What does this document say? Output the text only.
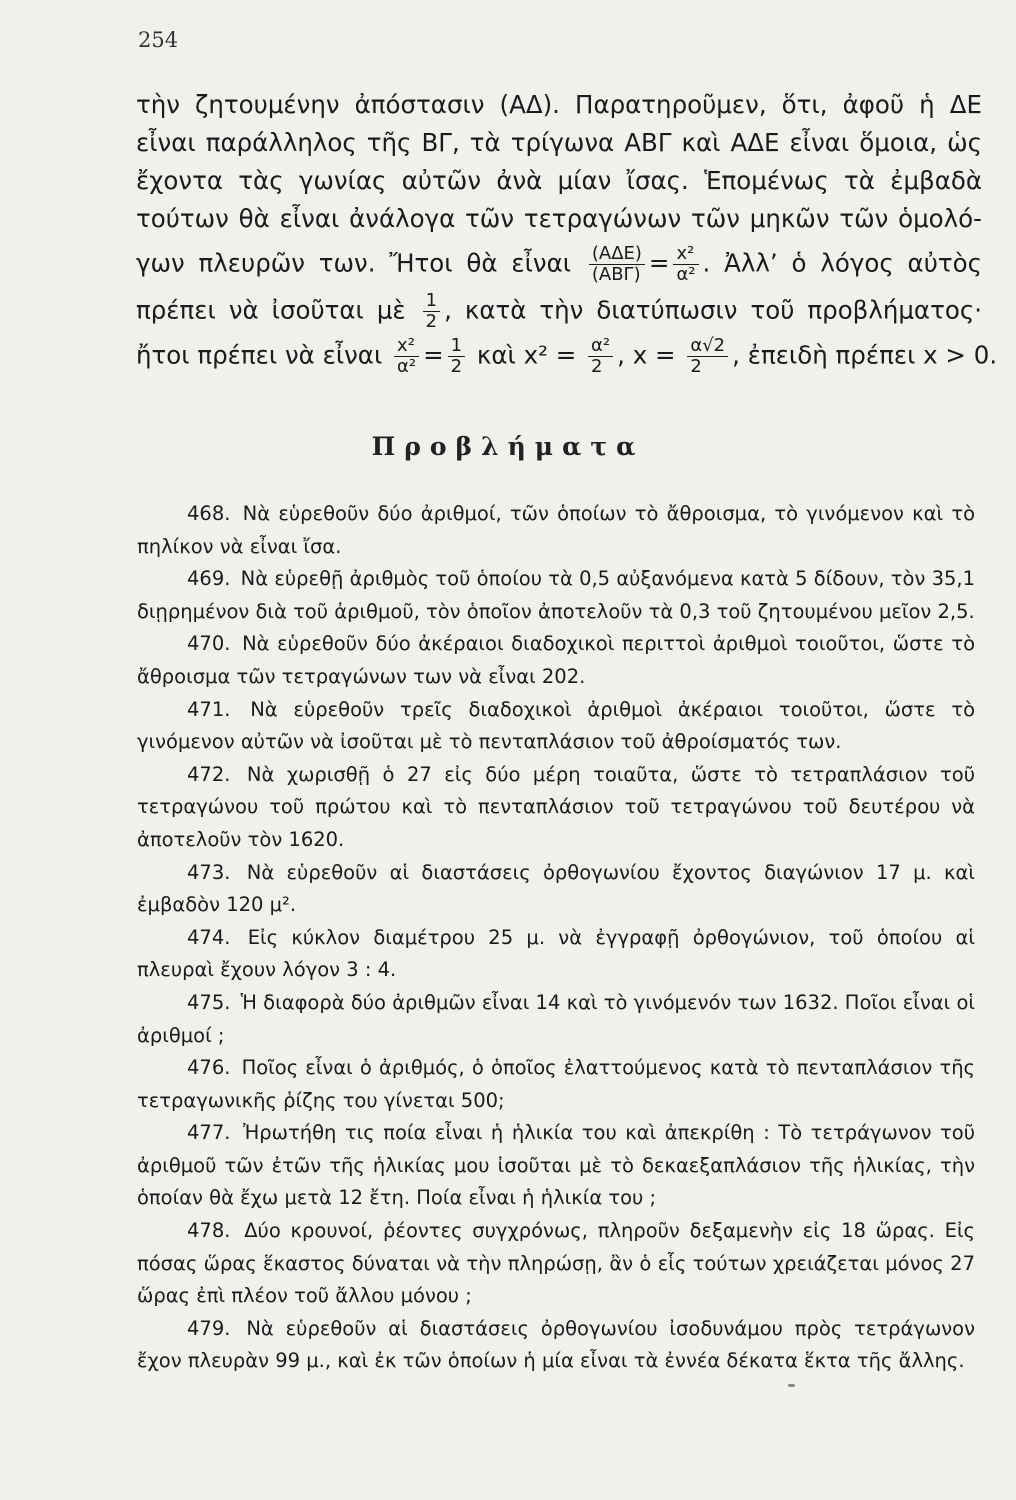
254
τὴν ζητουμένην ἀπόστασιν (ΑΔ). Παρατηροῦμεν, ὅτι, ἀφοῦ ἡ ΔΕ
εἶναι παράλληλος τῆς ΒΓ, τὰ τρίγωνα ΑΒΓ καὶ ΑΔΕ εἶναι ὅμοια, ὡς
ἔχοντα τὰς γωνίας αὐτῶν ἀνὰ μίαν ἴσας. Ἑπομένως τὰ ἐμβαδὰ
τούτων θὰ εἶναι ἀνάλογα τῶν τετραγώνων τῶν μηκῶν τῶν ὁμολό-
γων πλευρῶν των. Ἤτοι θὰ εἶναι $\frac{\text{(ΑΔΕ)}}{\text{(ΑΒΓ)}} = \frac{\text{x²}}{\text{α²}}$ . Ἀλλ’ ὁ λόγος αὐτὸς
πρέπει νὰ ἰσοῦται μὲ $\frac{1}{2}$ , κατὰ τὴν διατύπωσιν τοῦ προβλήματος·
ἤτοι πρέπει νὰ εἶναι $\frac{\text{x²}}{\text{α²}} = \frac{1}{2}$ καὶ $x^2 = \frac{\text{α²}}{2}$ , $x = \frac{\alpha√2}{2}$ , ἐπειδὴ πρέπει x > 0.
Προβλήματα

468. Νὰ εὑρεθοῦν δύο ἀριθμοί, τῶν ὁποίων τὸ ἄθροισμα, τὸ γινόμενον καὶ τὸ πηλίκον νὰ εἶναι ἴσα.

469. Νὰ εὑρεθῇ ἀριθμὸς τοῦ ὁποίου τὰ 0,5 αὐξανόμενα κατὰ 5 δίδουν, τὸν 35,1 διῃρημένον διὰ τοῦ ἀριθμοῦ, τὸν ὁποῖον ἀποτελοῦν τὰ 0,3 τοῦ ζητουμένου μεῖον 2,5.

470. Νὰ εὑρεθοῦν δύο ἀκέραιοι διαδοχικοὶ περιττοὶ ἀριθμοὶ τοιοῦτοι, ὥστε τὸ ἄθροισμα τῶν τετραγώνων των νὰ εἶναι 202.

471. Νὰ εὑρεθοῦν τρεῖς διαδοχικοὶ ἀριθμοὶ ἀκέραιοι τοιοῦτοι, ὥστε τὸ γινόμενον αὐτῶν νὰ ἰσοῦται μὲ τὸ πενταπλάσιον τοῦ ἀθροίσματός των.

472. Νὰ χωρισθῇ ὁ 27 εἰς δύο μέρη τοιαῦτα, ὥστε τὸ τετραπλάσιον τοῦ τετραγώνου τοῦ πρώτου καὶ τὸ πενταπλάσιον τοῦ τετραγώνου τοῦ δευτέρου νὰ ἀποτελοῦν τὸν 1620.

473. Νὰ εὑρεθοῦν αἱ διαστάσεις ὀρθογωνίου ἔχοντος διαγώνιον 17 μ. καὶ ἐμβαδὸν 120 μ².

474. Εἰς κύκλον διαμέτρου 25 μ. νὰ ἐγγραφῇ ὀρθογώνιον, τοῦ ὁποίου αἱ πλευραὶ ἔχουν λόγον 3 : 4.

475. Ἡ διαφορὰ δύο ἀριθμῶν εἶναι 14 καὶ τὸ γινόμενόν των 1632. Ποῖοι εἶναι οἱ ἀριθμοί ;

476. Ποῖος εἶναι ὁ ἀριθμός, ὁ ὁποῖος ἐλαττούμενος κατὰ τὸ πενταπλάσιον τῆς τετραγωνικῆς ῥίζης του γίνεται 500;

477. Ἠρωτήθη τις ποία εἶναι ἡ ἡλικία του καὶ ἀπεκρίθη : Τὸ τετράγωνον τοῦ ἀριθμοῦ τῶν ἐτῶν τῆς ἡλικίας μου ἰσοῦται μὲ τὸ δεκαεξαπλάσιον τῆς ἡλικίας, τὴν ὁποίαν θὰ ἔχω μετὰ 12 ἔτη. Ποία εἶναι ἡ ἡλικία του ;

478. Δύο κρουνοί, ῥέοντες συγχρόνως, πληροῦν δεξαμενὴν εἰς 18 ὥρας. Εἰς πόσας ὥρας ἕκαστος δύναται νὰ τὴν πληρώσῃ, ἂν ὁ εἷς τούτων χρειάζεται μόνος 27 ὥρας ἐπὶ πλέον τοῦ ἄλλου μόνου ;

479. Νὰ εὑρεθοῦν αἱ διαστάσεις ὀρθογωνίου ἰσοδυνάμου πρὸς τετράγωνον ἔχον πλευρὰν 99 μ., καὶ ἐκ τῶν ὁποίων ἡ μία εἶναι τὰ ἐννέα δέκατα ἕκτα τῆς ἄλλης.
